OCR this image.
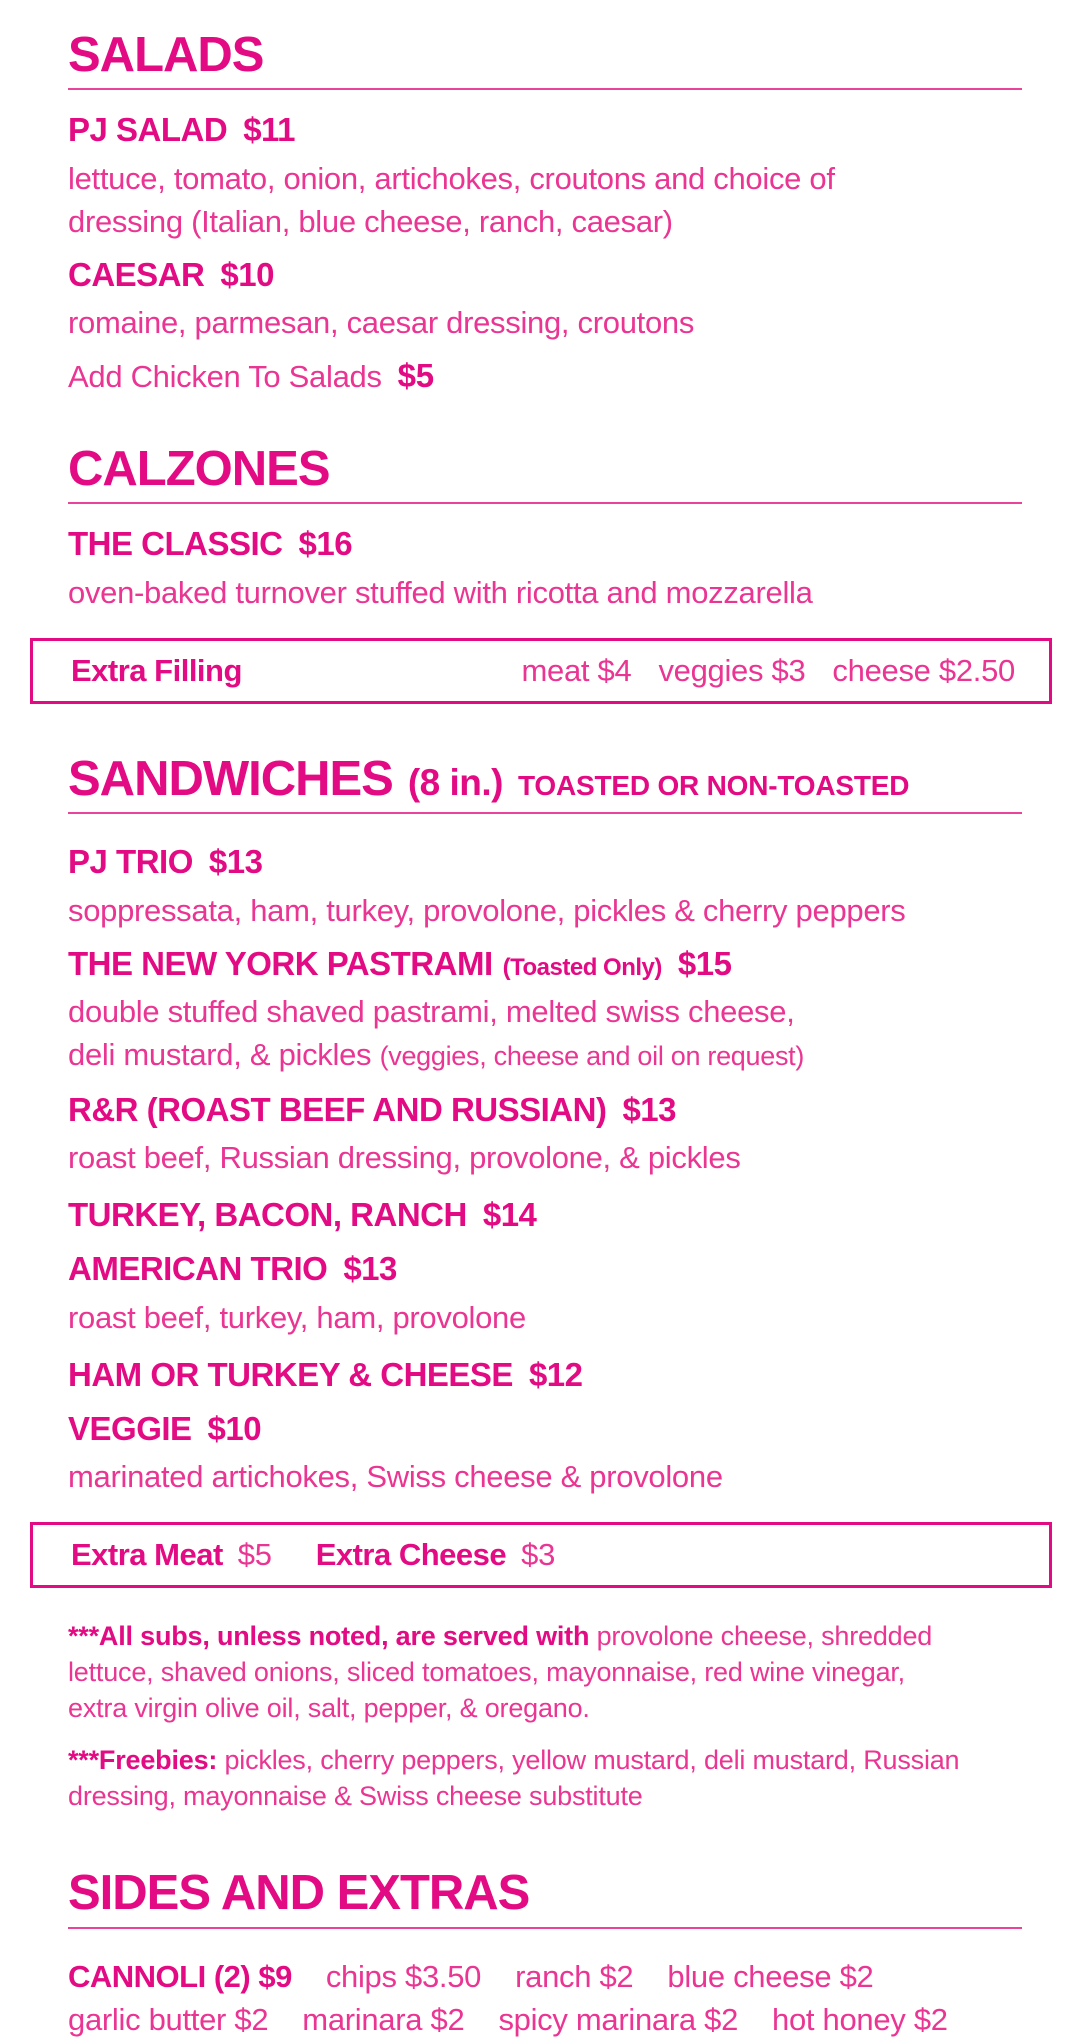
SALADS
PJ SALAD $11
lettuce, tomato, onion, artichokes, croutons and choice of
dressing (Italian, blue cheese, ranch, caesar)
CAESAR $10
romaine, parmesan, caesar dressing, croutons
Add Chicken To Salads $5
CALZONES
THE CLASSIC $16
oven-baked turnover stuffed with ricotta and mozzarella
Extra Filling	meat $4 veggies $3 cheese $2.50
SANDWICHES (8 in.) TOASTED OR NON-TOASTED
PJ TRIO $13
soppressata, ham, turkey, provolone, pickles & cherry peppers
THE NEW YORK PASTRAMI (Toasted Only) $15
double stuffed shaved pastrami, melted swiss cheese,
deli mustard, & pickles (veggies, cheese and oil on request)
R&R (ROAST BEEF AND RUSSIAN) $13
roast beef, Russian dressing, provolone, & pickles
TURKEY, BACON, RANCH $14
AMERICAN TRIO $13
roast beef, turkey, ham, provolone
HAM OR TURKEY & CHEESE $12
VEGGIE $10
marinated artichokes, Swiss cheese & provolone
Extra Meat $5 Extra Cheese $3
***All subs, unless noted, are served with provolone cheese, shredded
lettuce, shaved onions, sliced tomatoes, mayonnaise, red wine vinegar,
extra virgin olive oil, salt, pepper, & oregano.
***Freebies: pickles, cherry peppers, yellow mustard, deli mustard, Russian
dressing, mayonnaise & Swiss cheese substitute
SIDES AND EXTRAS
CANNOLI (2) $9 chips $3.50 ranch $2 blue cheese $2
garlic butter $2 marinara $2 spicy marinara $2 hot honey $2
